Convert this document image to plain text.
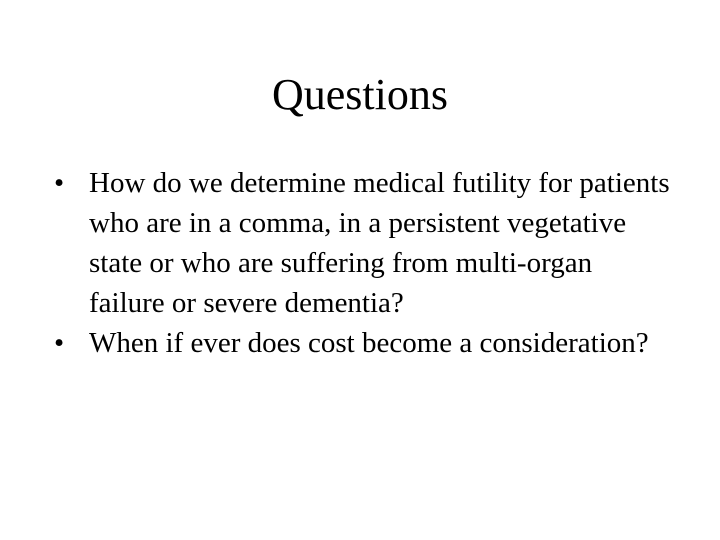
Questions
• How do we determine medical futility for patients who are in a comma, in a persistent vegetative state or who are suffering from multi-organ failure or severe dementia?
• When if ever does cost become a consideration?
